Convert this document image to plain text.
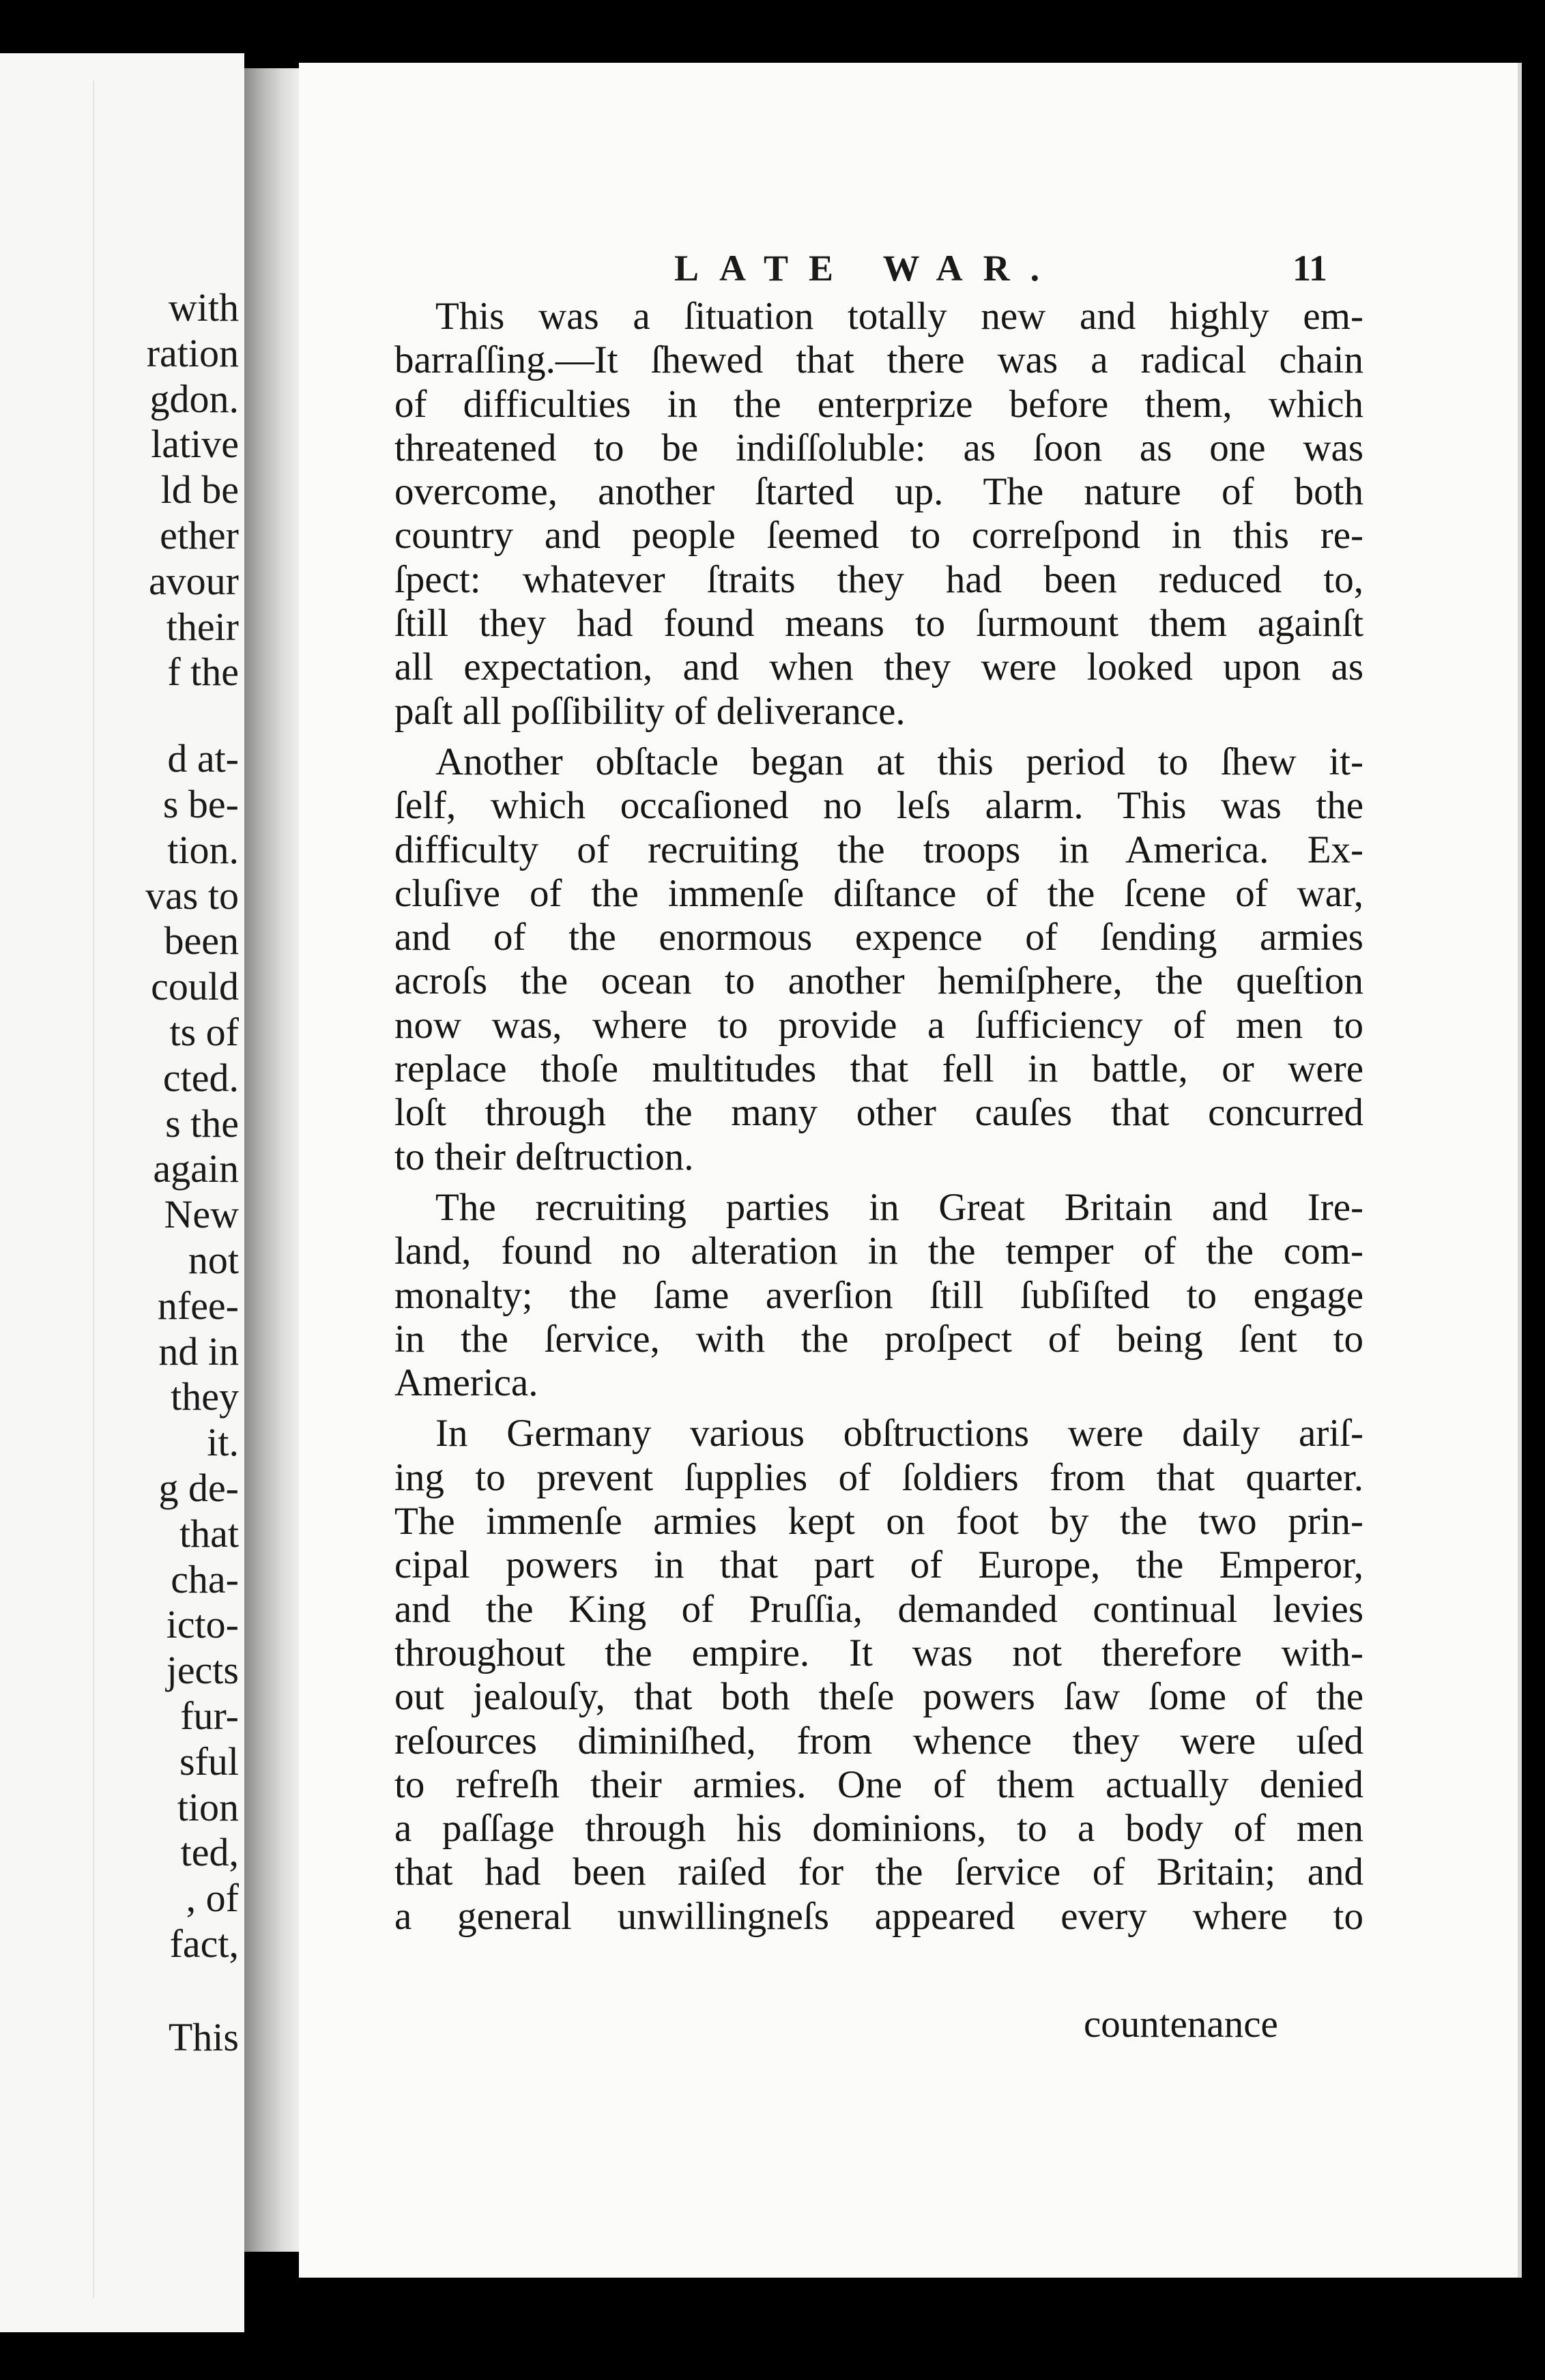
with
ration
gdon.
lative
ld be
ether
avour
their
f the
d at-
s be-
tion.
vas to
been
could
ts of
cted.
s the
again
New
not
nfee-
nd in
they
it.
g de-
that
cha-
icto-
jects
fur-
sful
tion
ted,
, of
fact,
This
LATE WAR.	11
This was a ſituation totally new and highly em-
barraſſing.—It ſhewed that there was a radical chain
of difficulties in the enterprize before them, which
threatened to be indiſſoluble: as ſoon as one was
overcome, another ſtarted up. The nature of both
country and people ſeemed to correſpond in this re-
ſpect: whatever ſtraits they had been reduced to,
ſtill they had found means to ſurmount them againſt
all expectation, and when they were looked upon as
paſt all poſſibility of deliverance.
Another obſtacle began at this period to ſhew it-
ſelf, which occaſioned no leſs alarm. This was the
difficulty of recruiting the troops in America. Ex-
cluſive of the immenſe diſtance of the ſcene of war,
and of the enormous expence of ſending armies
acroſs the ocean to another hemiſphere, the queſtion
now was, where to provide a ſufficiency of men to
replace thoſe multitudes that fell in battle, or were
loſt through the many other cauſes that concurred
to their deſtruction.
The recruiting parties in Great Britain and Ire-
land, found no alteration in the temper of the com-
monalty; the ſame averſion ſtill ſubſiſted to engage
in the ſervice, with the proſpect of being ſent to
America.
In Germany various obſtructions were daily ariſ-
ing to prevent ſupplies of ſoldiers from that quarter.
The immenſe armies kept on foot by the two prin-
cipal powers in that part of Europe, the Emperor,
and the King of Pruſſia, demanded continual levies
throughout the empire. It was not therefore with-
out jealouſy, that both theſe powers ſaw ſome of the
reſources diminiſhed, from whence they were uſed
to refreſh their armies. One of them actually denied
a paſſage through his dominions, to a body of men
that had been raiſed for the ſervice of Britain; and
a general unwillingneſs appeared every where to
countenance
